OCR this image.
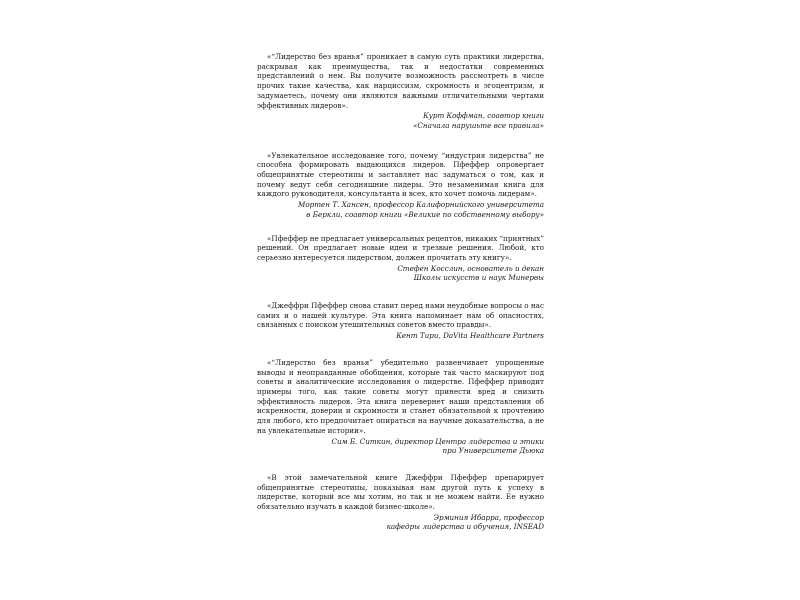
«“Лидерство без вранья” проникает в самую суть практики лидерства, раскрывая как преимущества, так и недостатки современных представлений о нем. Вы получите возможность рассмотреть в числе прочих такие качества, как нарциссизм, скромность и эгоцентризм, и задумаетесь, почему они являются важными отличительными чертами эффективных лидеров».

Курт Коффман, соавтор книги
«Сначала нарушьте все правила»

«Увлекательное исследование того, почему “индустрия лидерства” не способна формировать выдающихся лидеров. Пфеффер опровергает общепринятые стереотипы и заставляет нас задуматься о том, как и почему ведут себя сегодняшние лидеры. Это незаменимая книга для каждого руководителя, консультанта и всех, кто хочет помочь лидерам».

Мортен Т. Хансен, профессор Калифорнийского университета
в Беркли, соавтор книги «Великие по собственному выбору»

«Пфеффер не предлагает универсальных рецептов, никаких “приятных” решений. Он предлагает новые идеи и трезвые решения. Любой, кто серьезно интересуется лидерством, должен прочитать эту книгу».

Стефен Косслин, основатель и декан
Школы искусств и наук Минервы

«Джеффри Пфеффер снова ставит перед нами неудобные вопросы о нас самих и о нашей культуре. Эта книга напоминает нам об опасностях, связанных с поиском утешительных советов вместо правды».

Кент Тири, DaVita Healthcare Partners

«“Лидерство без вранья” убедительно развенчивает упрощенные выводы и неоправданные обобщения, которые так часто маскируют под советы и аналитические исследования о лидерстве. Пфеффер приводит примеры того, как такие советы могут принести вред и снизить эффективность лидеров. Эта книга перевернет наши представления об искренности, доверии и скромности и станет обязательной к прочтению для любого, кто предпочитает опираться на научные доказательства, а не на увлекательные истории».

Сим Б. Ситкин, директор Центра лидерства и этики
при Университете Дьюка

«В этой замечательной книге Джеффри Пфеффер препарирует общепринятые стереотипы, показывая нам другой путь к успеху в лидерстве, который все мы хотим, но так и не можем найти. Ее нужно обязательно изучать в каждой бизнес-школе».

Эрминия Ибарра, профессор
кафедры лидерства и обучения, INSEAD
